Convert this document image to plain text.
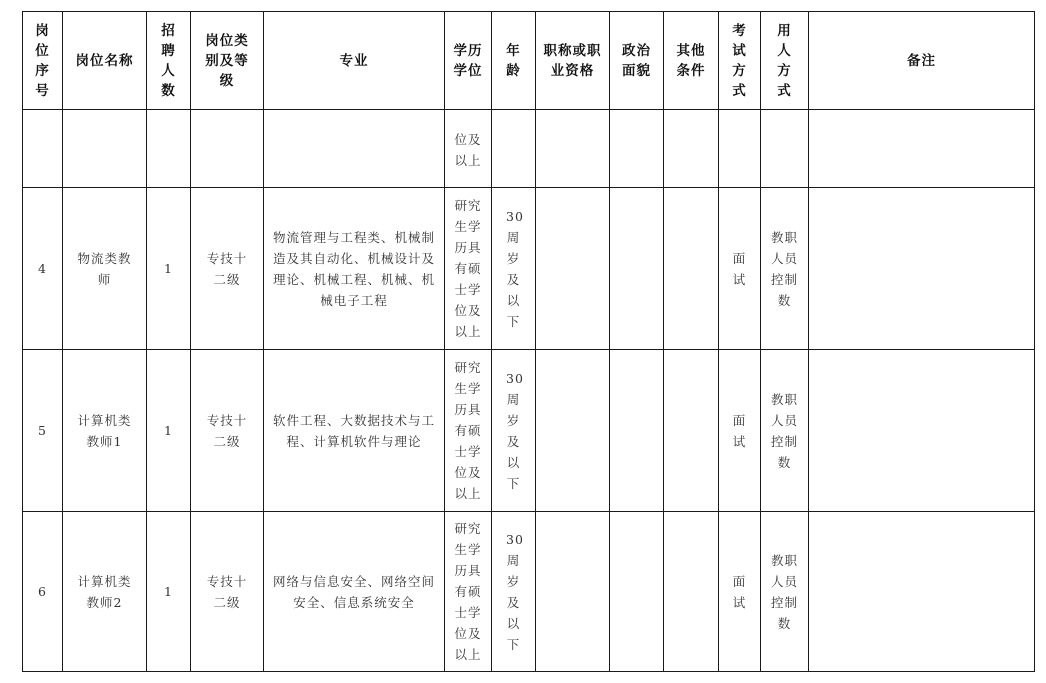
岗位序号	岗位名称	招聘人数	岗位类别及等级	专业	学历学位	年龄	职称或职业资格	政治面貌	其他条件	考试方式	用人方式	备注
					位及以上							
4	物流类教师	1	专技十二级	物流管理与工程类、机械制造及其自动化、机械设计及理论、机械工程、机械、机械电子工程	研究生学历具有硕士学位及以上	30周岁及以下				面试	教职人员控制数	
5	计算机类教师1	1	专技十二级	软件工程、大数据技术与工程、计算机软件与理论	研究生学历具有硕士学位及以上	30周岁及以下				面试	教职人员控制数	
6	计算机类教师2	1	专技十二级	网络与信息安全、网络空间安全、信息系统安全	研究生学历具有硕士学位及以上	30周岁及以下				面试	教职人员控制数	
